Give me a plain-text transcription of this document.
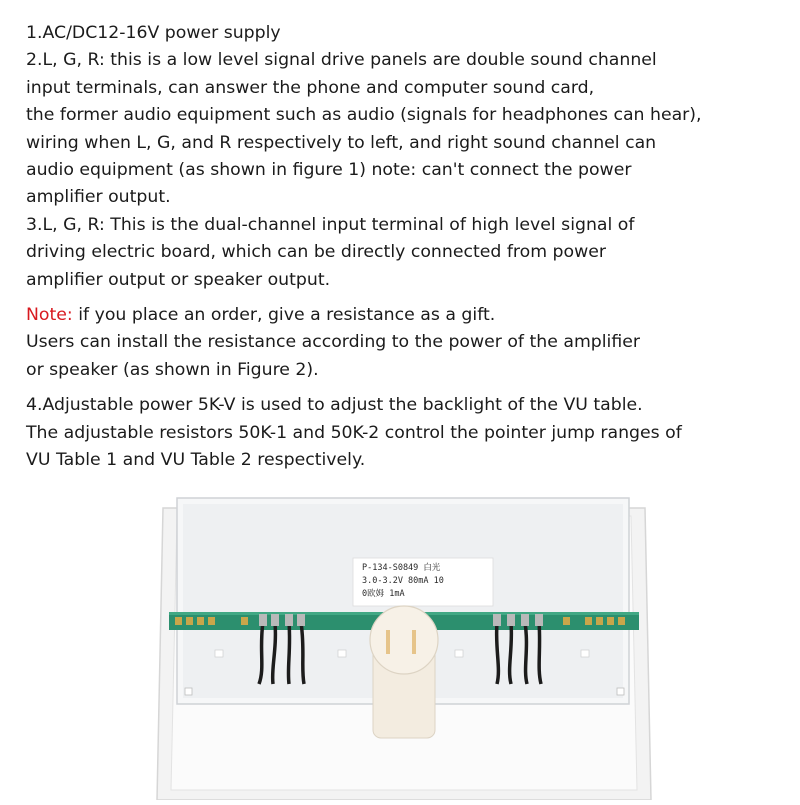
1.AC/DC12-16V power supply
2.L, G, R: this is a low level signal drive panels are double sound channel
input terminals, can answer the phone and computer sound card,
the former audio equipment such as audio (signals for headphones can hear),
wiring when L, G, and R respectively to left, and right sound channel can
audio equipment (as shown in figure 1) note: can't connect the power
amplifier output.
3.L, G, R: This is the dual-channel input terminal of high level signal of
driving electric board, which can be directly connected from power
amplifier output or speaker output.
Note: if you place an order, give a resistance as a gift.
Users can install the resistance according to the power of the amplifier
or speaker (as shown in Figure 2).
4.Adjustable power 5K-V is used to adjust the backlight of the VU table.
The adjustable resistors 50K-1 and 50K-2 control the pointer jump ranges of
VU Table 1 and VU Table 2 respectively.
P-134-S0849 白光
3.0-3.2V 80mA 10
0欧姆 1mA
